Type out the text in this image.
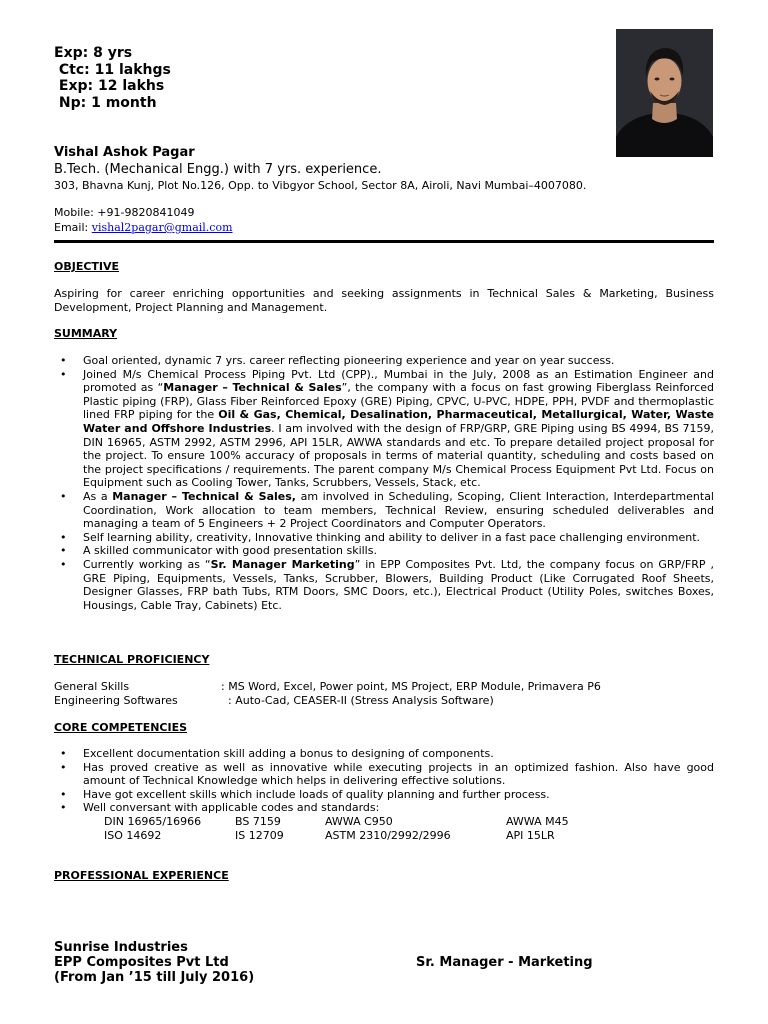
Exp: 8 yrs
Ctc: 11 lakhgs
Exp: 12 lakhs
Np: 1 month
Vishal Ashok Pagar
B.Tech. (Mechanical Engg.) with 7 yrs. experience.
303, Bhavna Kunj, Plot No.126, Opp. to Vibgyor School, Sector 8A, Airoli, Navi Mumbai–4007080.
Mobile: +91-9820841049
Email: vishal2pagar@gmail.com
OBJECTIVE
Aspiring for career enriching opportunities and seeking assignments in Technical Sales & Marketing, Business Development, Project Planning and Management.
SUMMARY
• Goal oriented, dynamic 7 yrs. career reflecting pioneering experience and year on year success.
• Joined M/s Chemical Process Piping Pvt. Ltd (CPP)., Mumbai in the July, 2008 as an Estimation Engineer and promoted as “Manager – Technical & Sales”, the company with a focus on fast growing Fiberglass Reinforced Plastic piping (FRP), Glass Fiber Reinforced Epoxy (GRE) Piping, CPVC, U-PVC, HDPE, PPH, PVDF and thermoplastic lined FRP piping for the Oil & Gas, Chemical, Desalination, Pharmaceutical, Metallurgical, Water, Waste Water and Offshore Industries. I am involved with the design of FRP/GRP, GRE Piping using BS 4994, BS 7159, DIN 16965, ASTM 2992, ASTM 2996, API 15LR, AWWA standards and etc. To prepare detailed project proposal for the project. To ensure 100% accuracy of proposals in terms of material quantity, scheduling and costs based on the project specifications / requirements. The parent company M/s Chemical Process Equipment Pvt Ltd. Focus on Equipment such as Cooling Tower, Tanks, Scrubbers, Vessels, Stack, etc.
• As a Manager – Technical & Sales, am involved in Scheduling, Scoping, Client Interaction, Interdepartmental Coordination, Work allocation to team members, Technical Review, ensuring scheduled deliverables and managing a team of 5 Engineers + 2 Project Coordinators and Computer Operators.
• Self learning ability, creativity, Innovative thinking and ability to deliver in a fast pace challenging environment.
• A skilled communicator with good presentation skills.
• Currently working as “Sr. Manager Marketing” in EPP Composites Pvt. Ltd, the company focus on GRP/FRP , GRE Piping, Equipments, Vessels, Tanks, Scrubber, Blowers, Building Product (Like Corrugated Roof Sheets, Designer Glasses, FRP bath Tubs, RTM Doors, SMC Doors, etc.), Electrical Product (Utility Poles, switches Boxes, Housings, Cable Tray, Cabinets) Etc.
TECHNICAL PROFICIENCY
General Skills	: MS Word, Excel, Power point, MS Project, ERP Module, Primavera P6
Engineering Softwares	: Auto-Cad, CEASER-II (Stress Analysis Software)
CORE COMPETENCIES
• Excellent documentation skill adding a bonus to designing of components.
• Has proved creative as well as innovative while executing projects in an optimized fashion. Also have good amount of Technical Knowledge which helps in delivering effective solutions.
• Have got excellent skills which include loads of quality planning and further process.
• Well conversant with applicable codes and standards:
DIN 16965/16966	BS 7159	AWWA C950	AWWA M45
ISO 14692	IS 12709	ASTM 2310/2992/2996	API 15LR
PROFESSIONAL EXPERIENCE
Sunrise Industries
EPP Composites Pvt Ltd
(From Jan ’15 till July 2016)
Sr. Manager - Marketing
